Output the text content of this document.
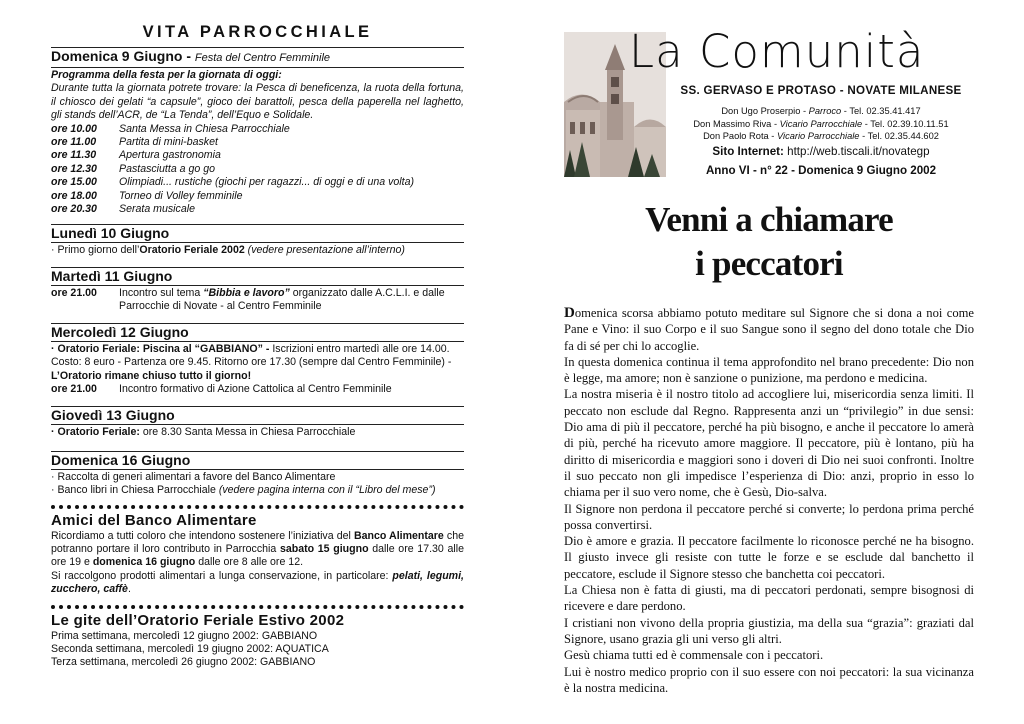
VITA PARROCCHIALE
Domenica 9 Giugno - Festa del Centro Femminile
Programma della festa per la giornata di oggi:
Durante tutta la giornata potrete trovare: la Pesca di beneficenza, la ruota della fortuna, il chiosco dei gelati “a capsule”, gioco dei barattoli, pesca della paperella nel laghetto, gli stands dell’ACR, de “La Tenda”, dell’Equo e Solidale.
ore 10.00	Santa Messa in Chiesa Parrocchiale
ore 11.00	Partita di mini-basket
ore 11.30	Apertura gastronomia
ore 12.30	Pastasciutta a go go
ore 15.00	Olimpiadi... rustiche (giochi per ragazzi... di oggi e di una volta)
ore 18.00	Torneo di Volley femminile
ore 20.30	Serata musicale
Lunedì 10 Giugno
· Primo giorno dell’Oratorio Feriale 2002 (vedere presentazione all’interno)
Martedì 11 Giugno
ore 21.00	Incontro sul tema “Bibbia e lavoro” organizzato dalle A.C.L.I. e dalle Parrocchie di Novate - al Centro Femminile
Mercoledì 12 Giugno
· Oratorio Feriale: Piscina al “GABBIANO” - Iscrizioni entro martedì alle ore 14.00. Costo: 8 euro - Partenza ore 9.45. Ritorno ore 17.30 (sempre dal Centro Femminile) - L’Oratorio rimane chiuso tutto il giorno!
ore 21.00	Incontro formativo di Azione Cattolica al Centro Femminile
Giovedì 13 Giugno
· Oratorio Feriale: ore 8.30 Santa Messa in Chiesa Parrocchiale
Domenica 16 Giugno
· Raccolta di generi alimentari a favore del Banco Alimentare
· Banco libri in Chiesa Parrocchiale (vedere pagina interna con il “Libro del mese”)
Amici del Banco Alimentare
Ricordiamo a tutti coloro che intendono sostenere l’iniziativa del Banco Alimentare che potranno portare il loro contributo in Parrocchia sabato 15 giugno dalle ore 17.30 alle ore 19 e domenica 16 giugno dalle ore 8 alle ore 12.
Si raccolgono prodotti alimentari a lunga conservazione, in particolare: pelati, legumi, zucchero, caffè.
Le gite dell’Oratorio Feriale Estivo 2002
Prima settimana, mercoledì 12 giugno 2002: GABBIANO
Seconda settimana, mercoledì 19 giugno 2002: AQUATICA
Terza settimana, mercoledì 26 giugno 2002: GABBIANO
La Comunità
SS. GERVASO E PROTASO - NOVATE MILANESE
Don Ugo Proserpio - Parroco - Tel. 02.35.41.417
Don Massimo Riva - Vicario Parrocchiale - Tel. 02.39.10.11.51
Don Paolo Rota - Vicario Parrocchiale - Tel. 02.35.44.602
Sito Internet: http://web.tiscali.it/novategp
Anno VI - n° 22 - Domenica 9 Giugno 2002
Venni a chiamare
i peccatori
Domenica scorsa abbiamo potuto meditare sul Signore che si dona a noi come Pane e Vino: il suo Corpo e il suo Sangue sono il segno del dono totale che Dio fa di sé per chi lo accoglie.
In questa domenica continua il tema approfondito nel brano precedente: Dio non è legge, ma amore; non è sanzione o punizione, ma perdono e medicina.
La nostra miseria è il nostro titolo ad accogliere lui, misericordia senza limiti. Il peccato non esclude dal Regno. Rappresenta anzi un “privilegio” in due sensi: Dio ama di più il peccatore, perché ha più bisogno, e anche il peccatore lo amerà di più, perché ha ricevuto amore maggiore. Il peccatore, più è lontano, più ha diritto di misericordia e maggiori sono i doveri di Dio nei suoi confronti. Inoltre il suo peccato non gli impedisce l’esperienza di Dio: anzi, proprio in esso lo chiama per il suo vero nome, che è Gesù, Dio-salva.
Il Signore non perdona il peccatore perché si converte; lo perdona prima perché possa convertirsi.
Dio è amore e grazia. Il peccatore facilmente lo riconosce perché ne ha bisogno. Il giusto invece gli resiste con tutte le forze e se esclude dal banchetto il peccatore, esclude il Signore stesso che banchetta coi peccatori.
La Chiesa non è fatta di giusti, ma di peccatori perdonati, sempre bisognosi di ricevere e dare perdono.
I cristiani non vivono della propria giustizia, ma della sua “grazia”: graziati dal Signore, usano grazia gli uni verso gli altri.
Gesù chiama tutti ed è commensale con i peccatori.
Lui è nostro medico proprio con il suo essere con noi peccatori: la sua vicinanza è la nostra medicina.
